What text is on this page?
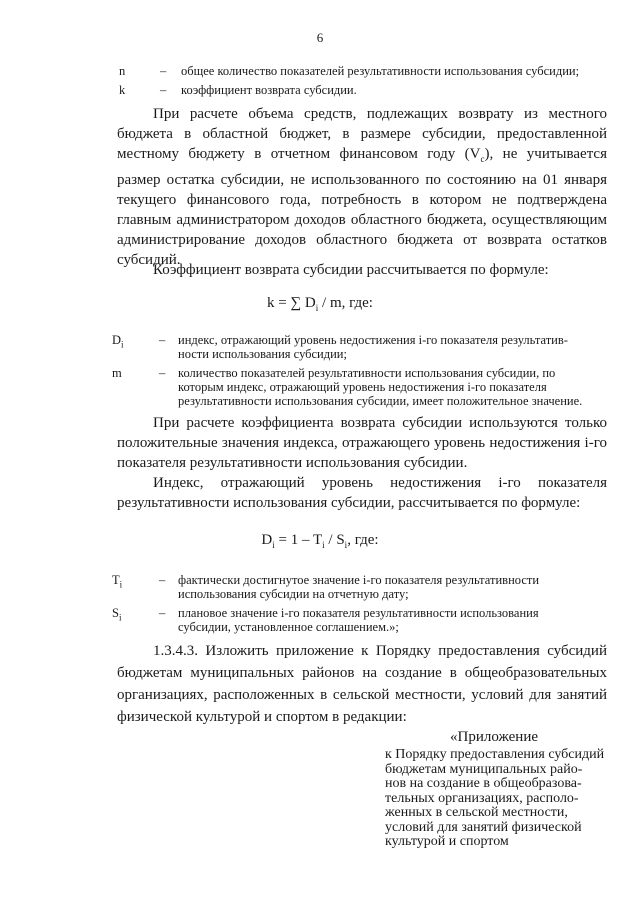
6
n	– общее количество показателей результативности использования субсидии;
k	– коэффициент возврата субсидии.

При расчете объема средств, подлежащих возврату из местного бюджета в областной бюджет, в размере субсидии, предоставленной местному бюджету в отчетном финансовом году $(V_c)$, не учитывается размер остатка субсидии, не использованного по состоянию на 01 января текущего финансового года, потребность в котором не подтверждена главным администратором доходов областного бюджета, осуществляющим администрирование доходов областного бюджета от возврата остатков субсидий.

Коэффициент возврата субсидии рассчитывается по формуле:

k = ∑ $D_i$ / m, где:
$D_i$	– индекс, отражающий уровень недостижения i-го показателя результатив-
ности использования субсидии;
m	– количество показателей результативности использования субсидии, по
которым индекс, отражающий уровень недостижения i-го показателя
результативности использования субсидии, имеет положительное значение.

При расчете коэффициента возврата субсидии используются только положительные значения индекса, отражающего уровень недостижения i-го показателя результативности использования субсидии.

Индекс, отражающий уровень недостижения i-го показателя результативности использования субсидии, рассчитывается по формуле:

$D_i = 1 - T_i / S_i$, где:
$T_i$	– фактически достигнутое значение i-го показателя результативности
использования субсидии на отчетную дату;
$S_i$	– плановое значение i-го показателя результативности использования
субсидии, установленное соглашением.»;

1.3.4.3. Изложить приложение к Порядку предоставления субсидий бюджетам муниципальных районов на создание в общеобразовательных организациях, расположенных в сельской местности, условий для занятий физической культурой и спортом в редакции:

«Приложение
к Порядку предоставления субсидий
бюджетам муниципальных райо-
нов на создание в общеобразова-
тельных организациях, располо-
женных в сельской местности,
условий для занятий физической
культурой и спортом
